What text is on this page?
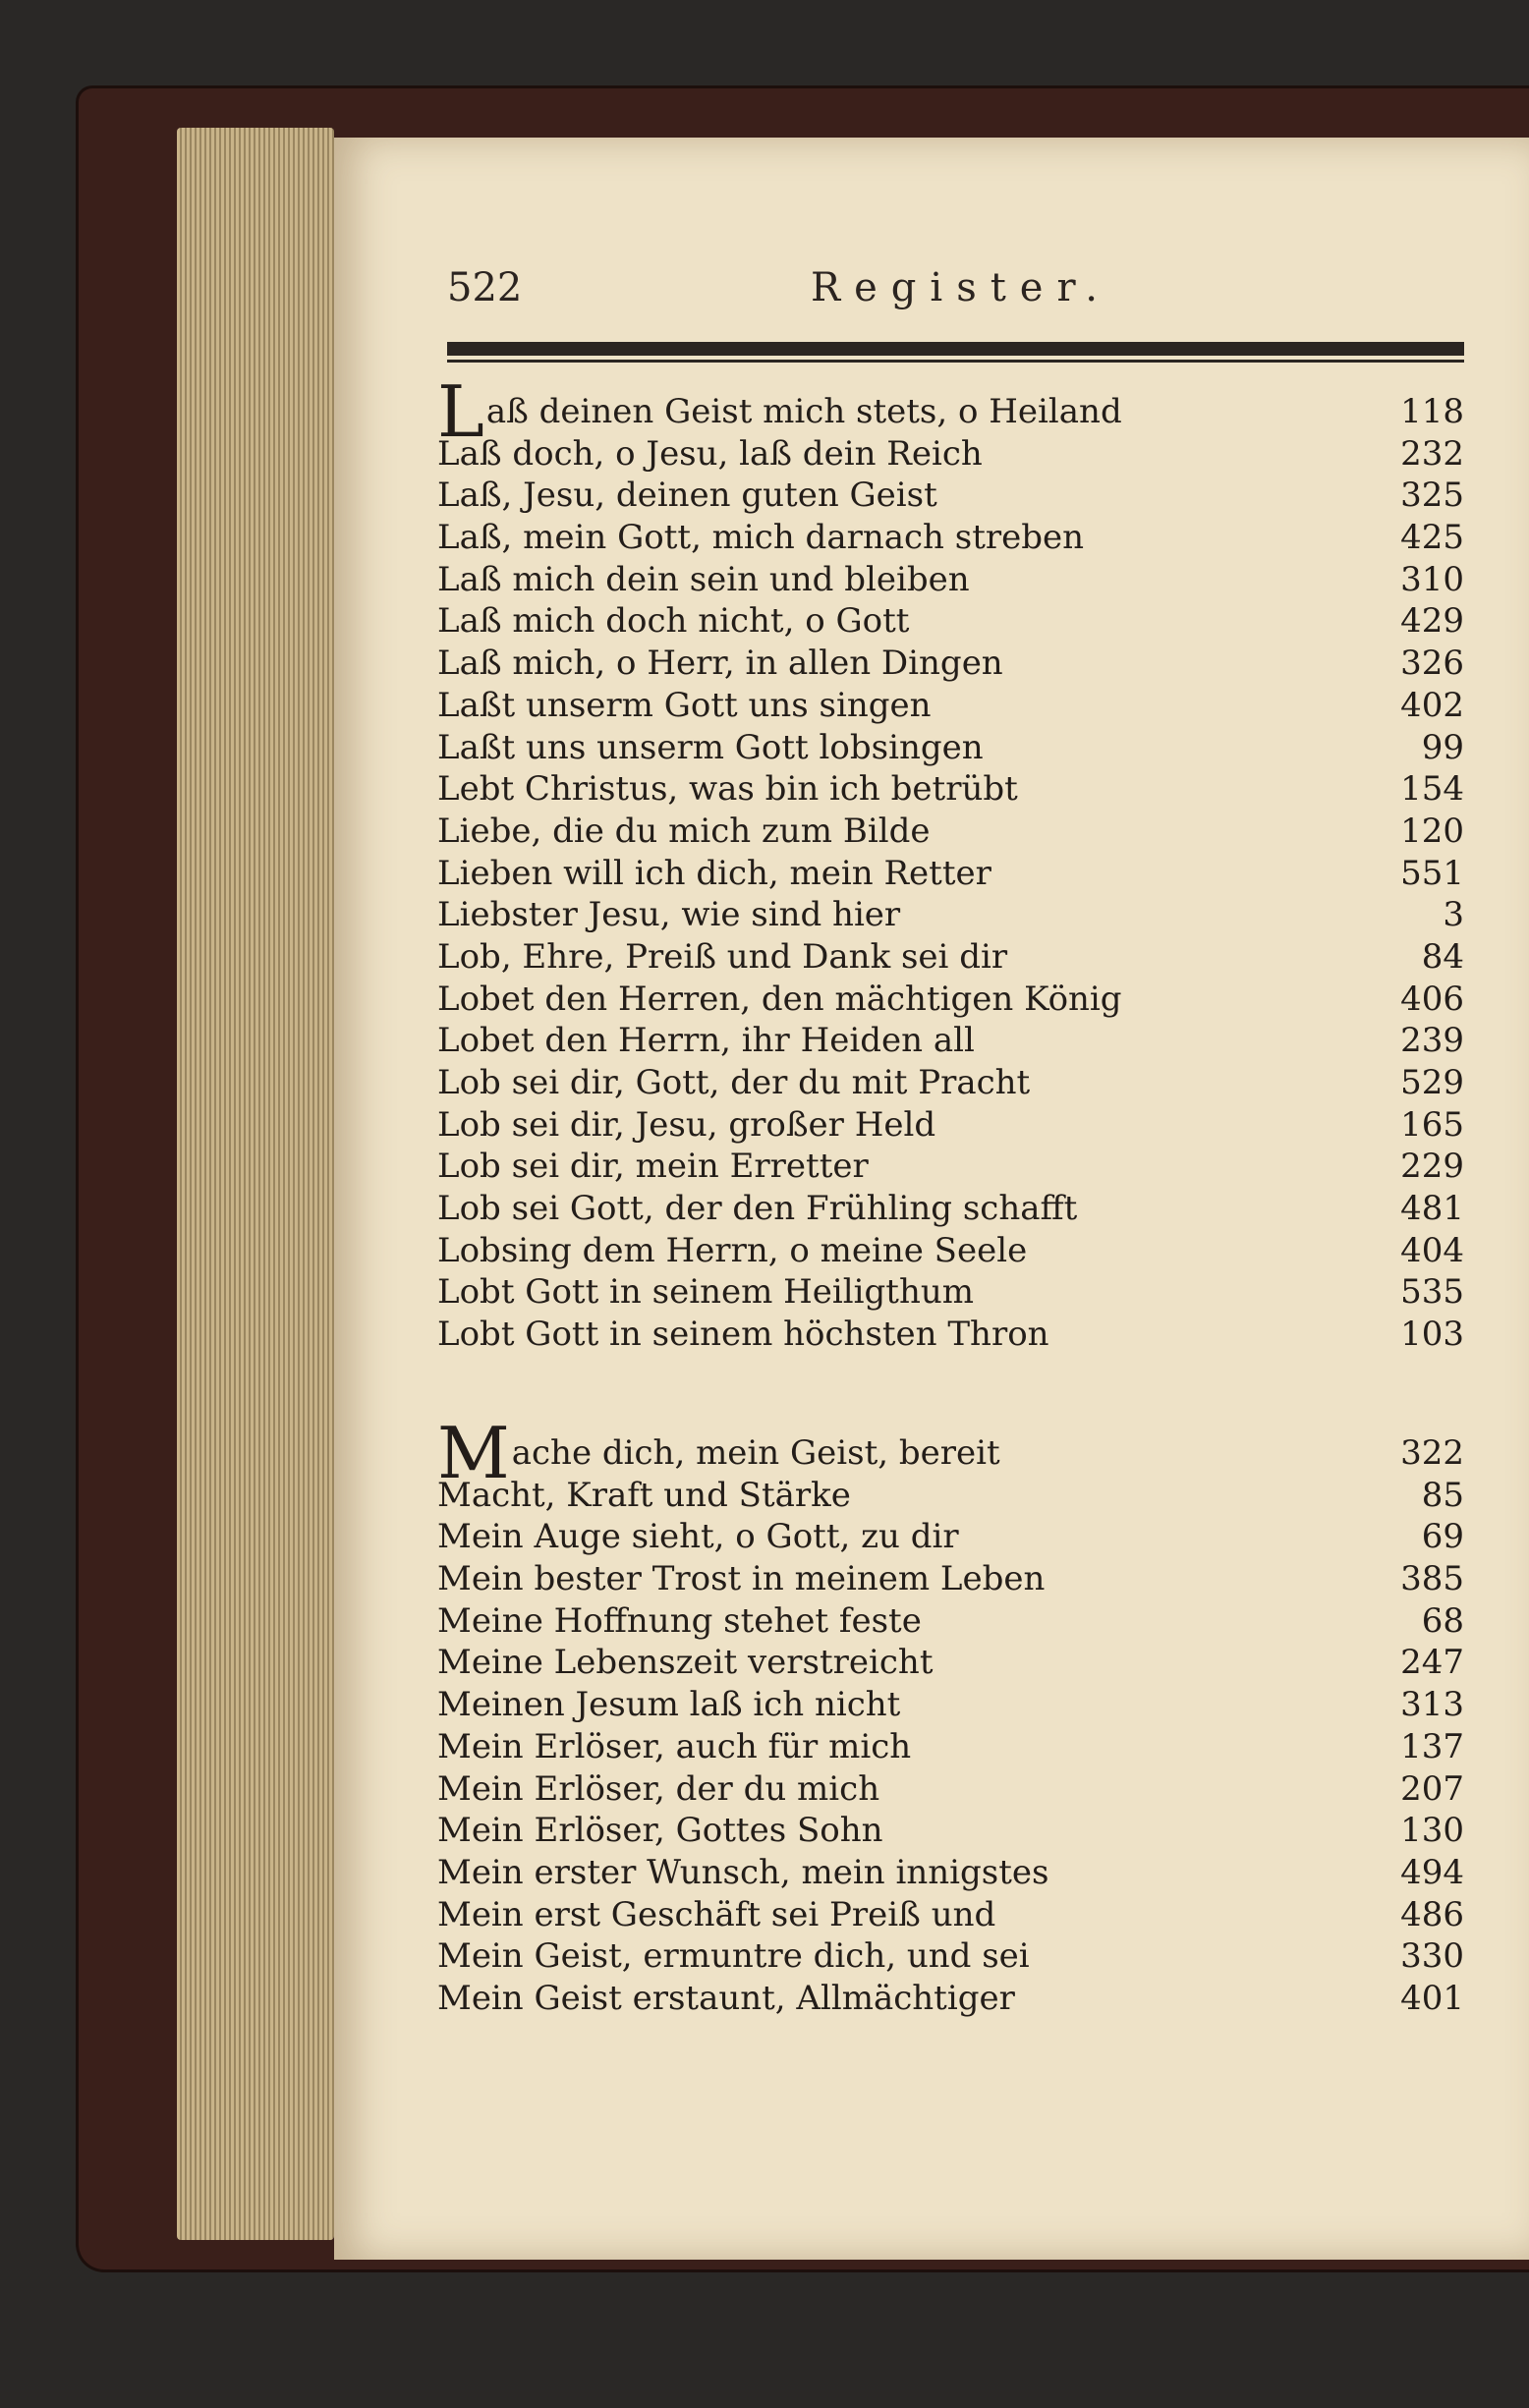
522	Register.
Laß deinen Geist mich stets, o Heiland	118
Laß doch, o Jesu, laß dein Reich	232
Laß, Jesu, deinen guten Geist	325
Laß, mein Gott, mich darnach streben	425
Laß mich dein sein und bleiben	310
Laß mich doch nicht, o Gott	429
Laß mich, o Herr, in allen Dingen	326
Laßt unserm Gott uns singen	402
Laßt uns unserm Gott lobsingen	99
Lebt Christus, was bin ich betrübt	154
Liebe, die du mich zum Bilde	120
Lieben will ich dich, mein Retter	551
Liebster Jesu, wie sind hier	3
Lob, Ehre, Preiß und Dank sei dir	84
Lobet den Herren, den mächtigen König	406
Lobet den Herrn, ihr Heiden all	239
Lob sei dir, Gott, der du mit Pracht	529
Lob sei dir, Jesu, großer Held	165
Lob sei dir, mein Erretter	229
Lob sei Gott, der den Frühling schafft	481
Lobsing dem Herrn, o meine Seele	404
Lobt Gott in seinem Heiligthum	535
Lobt Gott in seinem höchsten Thron	103
Mache dich, mein Geist, bereit	322
Macht, Kraft und Stärke	85
Mein Auge sieht, o Gott, zu dir	69
Mein bester Trost in meinem Leben	385
Meine Hoffnung stehet feste	68
Meine Lebenszeit verstreicht	247
Meinen Jesum laß ich nicht	313
Mein Erlöser, auch für mich	137
Mein Erlöser, der du mich	207
Mein Erlöser, Gottes Sohn	130
Mein erster Wunsch, mein innigstes	494
Mein erst Geschäft sei Preiß und	486
Mein Geist, ermuntre dich, und sei	330
Mein Geist erstaunt, Allmächtiger	401
